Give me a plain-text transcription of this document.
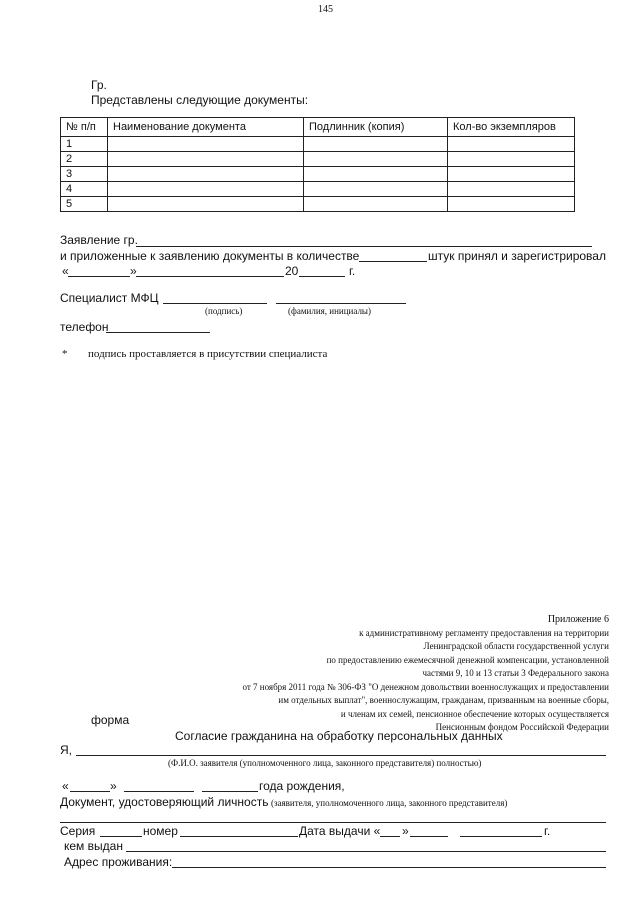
145
Гр.
Представлены следующие документы:
№ п/п	Наименование документа	Подлинник (копия)	Кол-во экземпляров
1			
2			
3			
4			
5			
Заявление гр.
и приложенные к заявлению документы в количестве	штук принял и зарегистрировал
«	»	20	г.
Специалист МФЦ
(подпись)	(фамилия, инициалы)
телефон
* подпись проставляется в присутствии специалиста
Приложение 6
к административному регламенту предоставления на территории
Ленинградской области государственной услуги
по предоставлению ежемесячной денежной компенсации, установленной
частями 9, 10 и 13 статьи 3 Федерального закона
от 7 ноября 2011 года № 306-ФЗ "О денежном довольствии военнослужащих и предоставлении
им отдельных выплат", военнослужащим, гражданам, призванным на военные сборы,
и членам их семей, пенсионное обеспечение которых осуществляется
Пенсионным фондом Российской Федерации
форма
Согласие гражданина на обработку персональных данных
Я,
(Ф.И.О. заявителя (уполномоченного лица, законного представителя) полностью)
«	»	года рождения,
Документ, удостоверяющий личность (заявителя, уполномоченного лица, законного представителя)
Серия	номер	Дата выдачи « »	г.
кем выдан
Адрес проживания:
